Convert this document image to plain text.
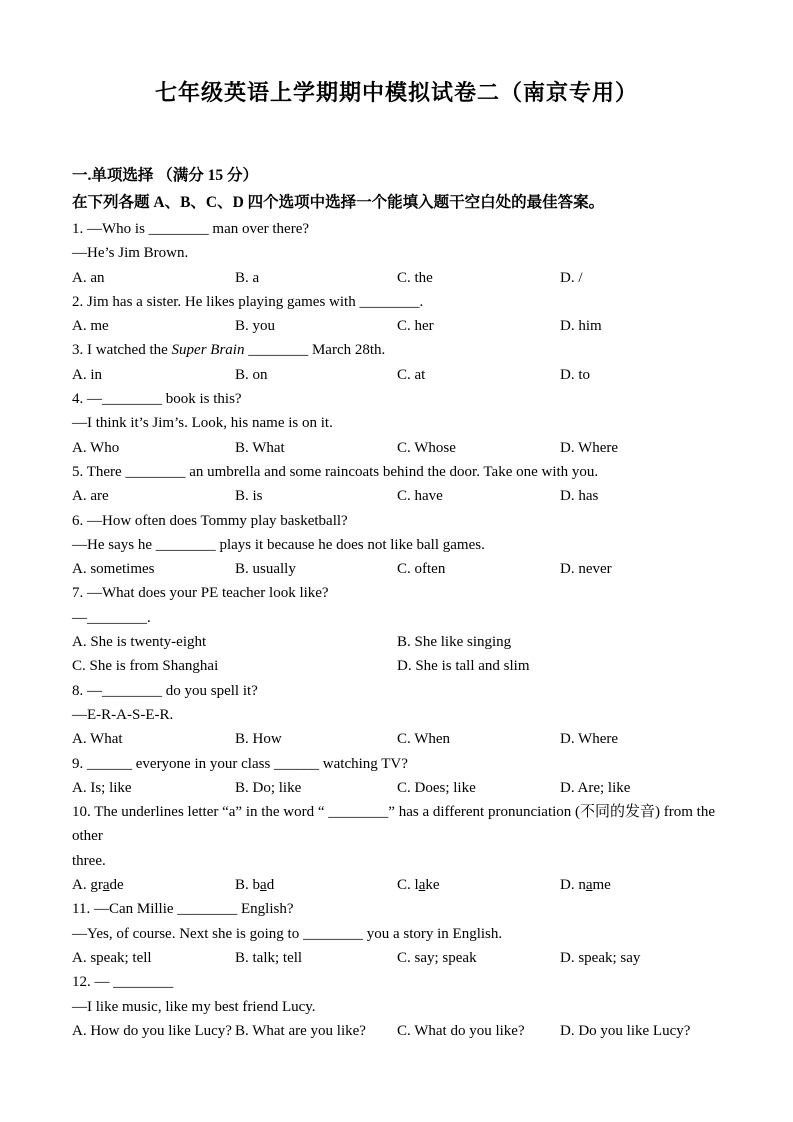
七年级英语上学期期中模拟试卷二（南京专用）

一.单项选择 （满分 15 分）

在下列各题 A、B、C、D 四个选项中选择一个能填入题干空白处的最佳答案。

1. —Who is ________ man over there?

—He’s Jim Brown.

A. an	B. a	C. the	D. /

2. Jim has a sister. He likes playing games with ________.

A. me	B. you	C. her	D. him

3. I watched the Super Brain ________ March 28th.

A. in	B. on	C. at	D. to

4. —________ book is this?

—I think it’s Jim’s. Look, his name is on it.

A. Who	B. What	C. Whose	D. Where

5. There ________ an umbrella and some raincoats behind the door. Take one with you.

A. are	B. is	C. have	D. has

6. —How often does Tommy play basketball?

—He says he ________ plays it because he does not like ball games.

A. sometimes	B. usually	C. often	D. never

7. —What does your PE teacher look like?

—________.

A. She is twenty-eight	B. She like singing
C. She is from Shanghai	D. She is tall and slim

8. —________ do you spell it?

—E-R-A-S-E-R.

A. What	B. How	C. When	D. Where

9. ______ everyone in your class ______ watching TV?

A. Is; like	B. Do; like	C. Does; like	D. Are; like

10. The underlines letter “a” in the word “ ________” has a different pronunciation (不同的发音) from the other

three.

A. grade	B. bad	C. lake	D. name

11. —Can Millie ________ English?

—Yes, of course. Next she is going to ________ you a story in English.

A. speak; tell	B. talk; tell	C. say; speak	D. speak; say

12. — ________

—I like music, like my best friend Lucy.

A. How do you like Lucy? B. What are you like?	C. What do you like?	D. Do you like Lucy?
